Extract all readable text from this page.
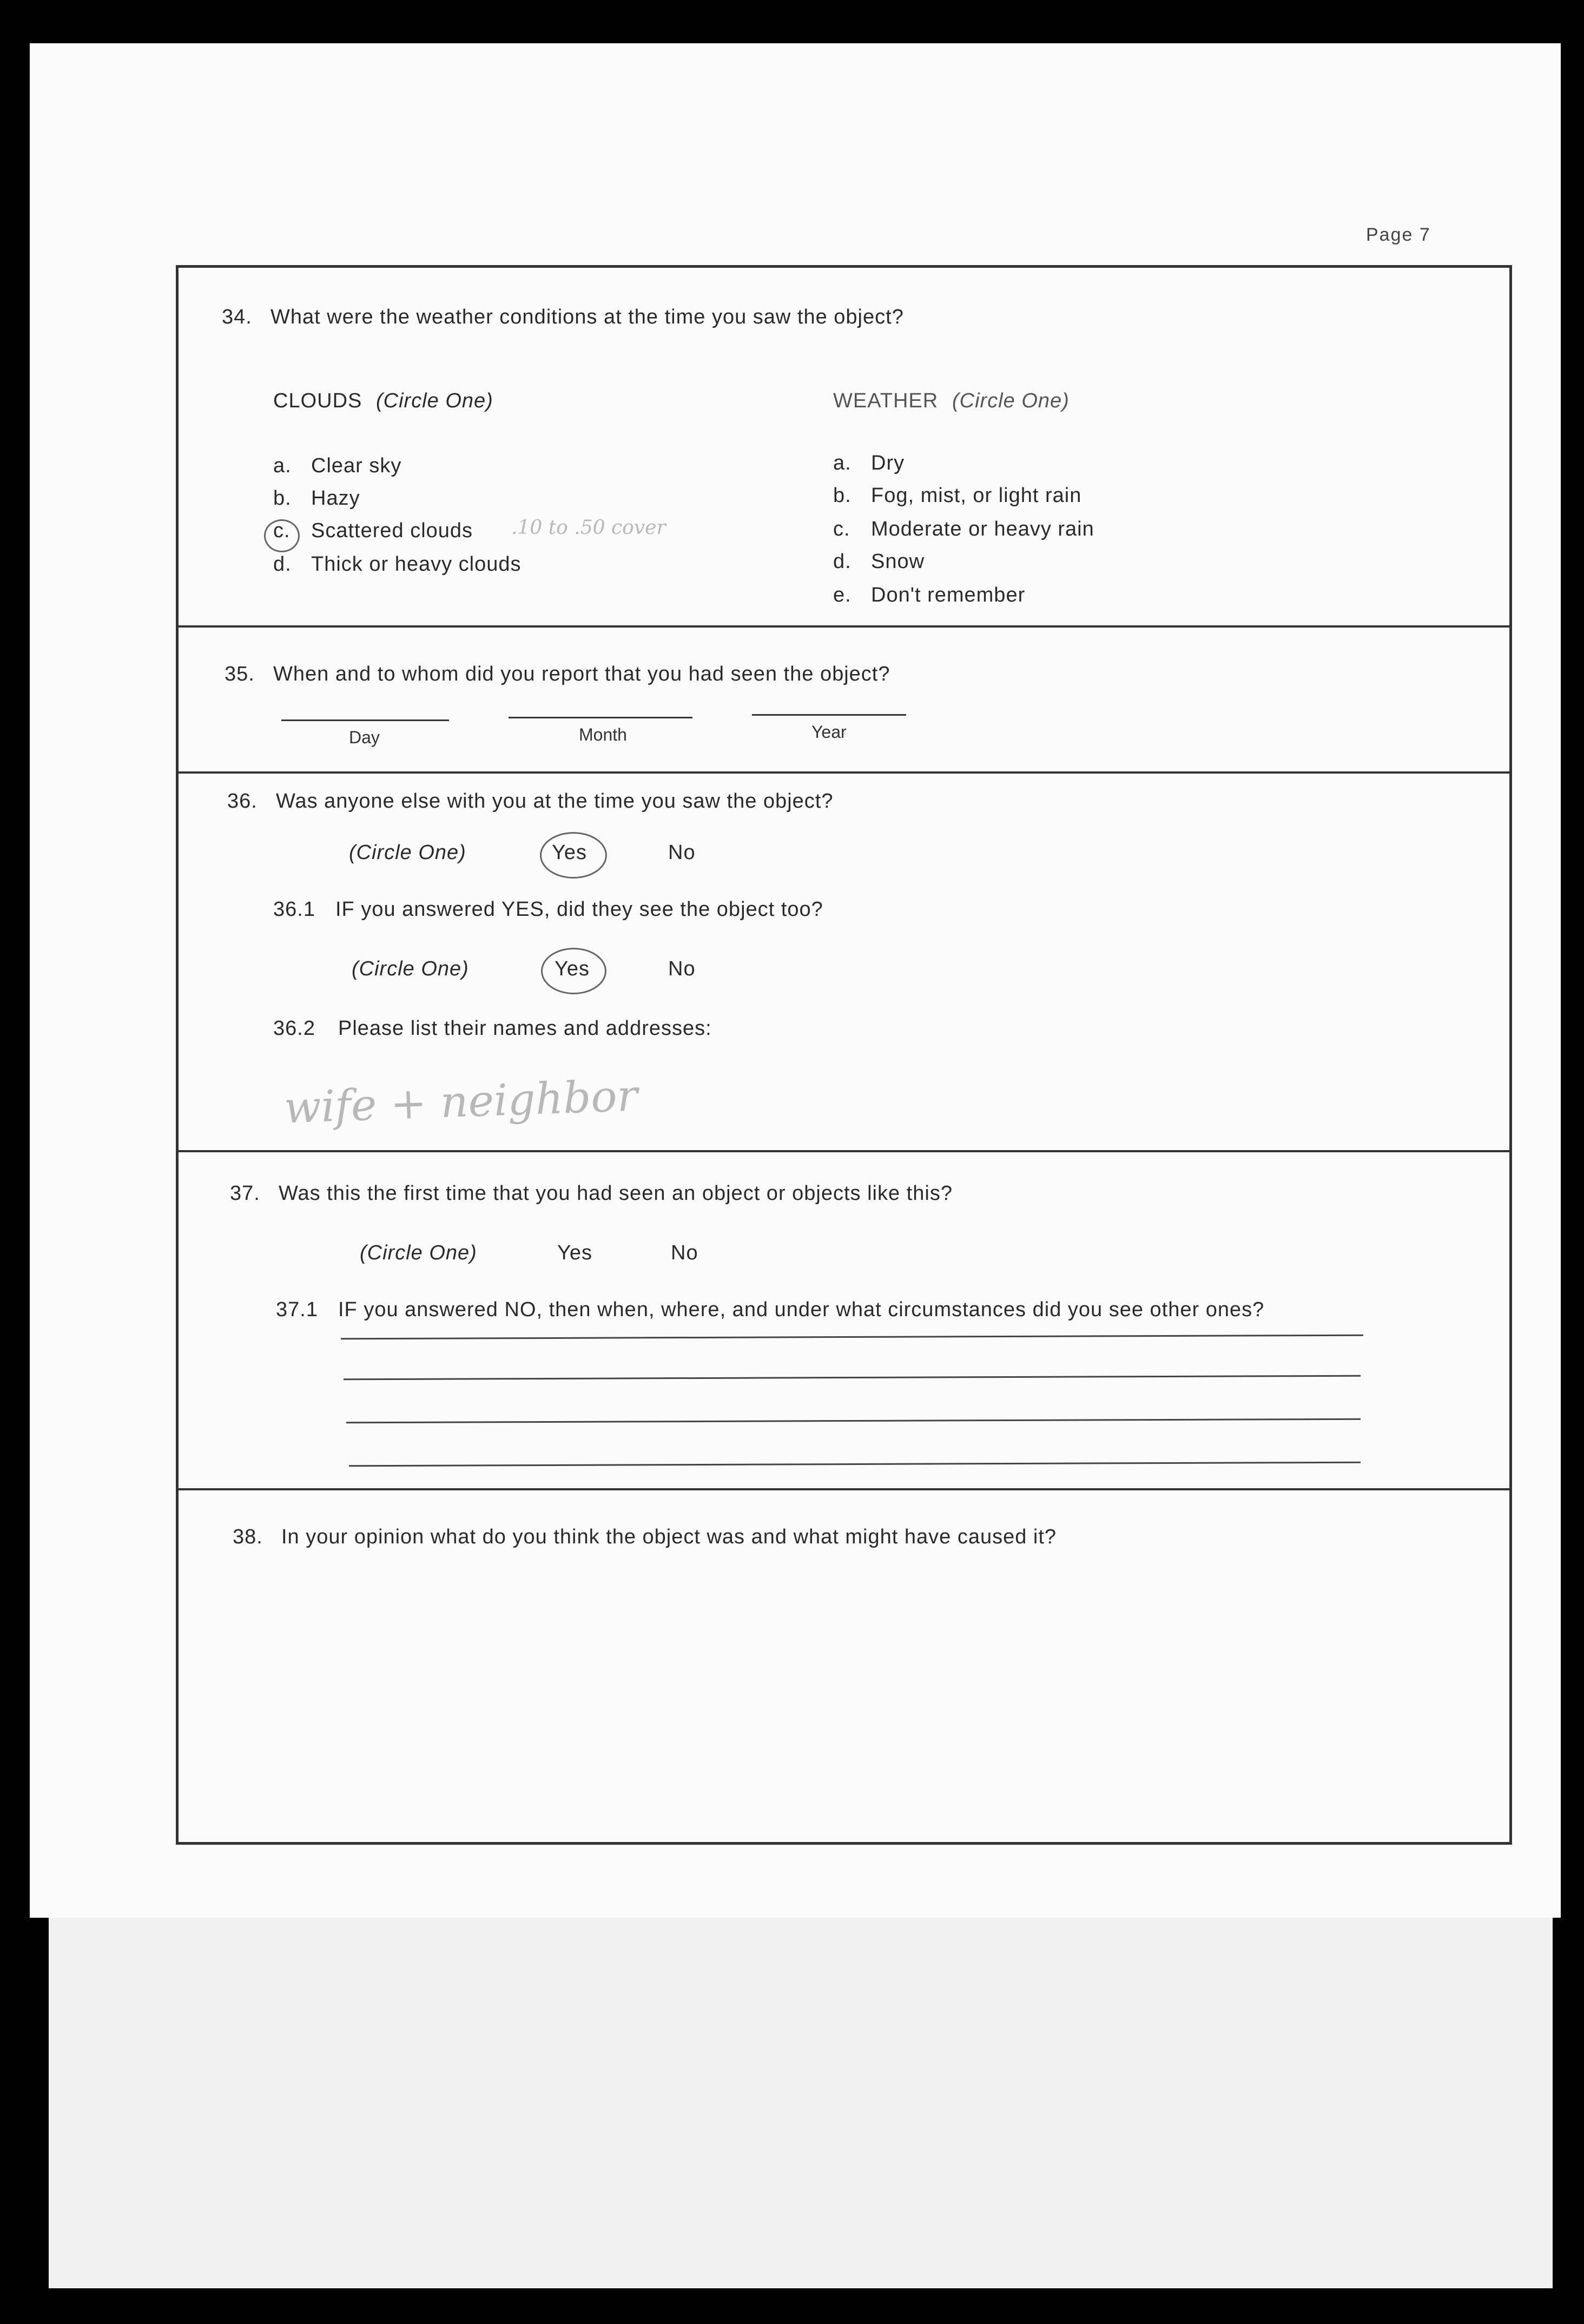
Page 7
34. What were the weather conditions at the time you saw the object?
CLOUDS (Circle One)
a. Clear sky
b. Hazy
c. Scattered clouds .10 to .50 cover
d. Thick or heavy clouds
WEATHER (Circle One)
a. Dry
b. Fog, mist, or light rain
c. Moderate or heavy rain
d. Snow
e. Don't remember
35. When and to whom did you report that you had seen the object?
Day	Month	Year
36. Was anyone else with you at the time you saw the object?
(Circle One)	Yes	No
36.1 IF you answered YES, did they see the object too?
(Circle One)	Yes	No
36.2 Please list their names and addresses:
wife + neighbor
37. Was this the first time that you had seen an object or objects like this?
(Circle One)	Yes	No
37.1 IF you answered NO, then when, where, and under what circumstances did you see other ones?
38. In your opinion what do you think the object was and what might have caused it?
